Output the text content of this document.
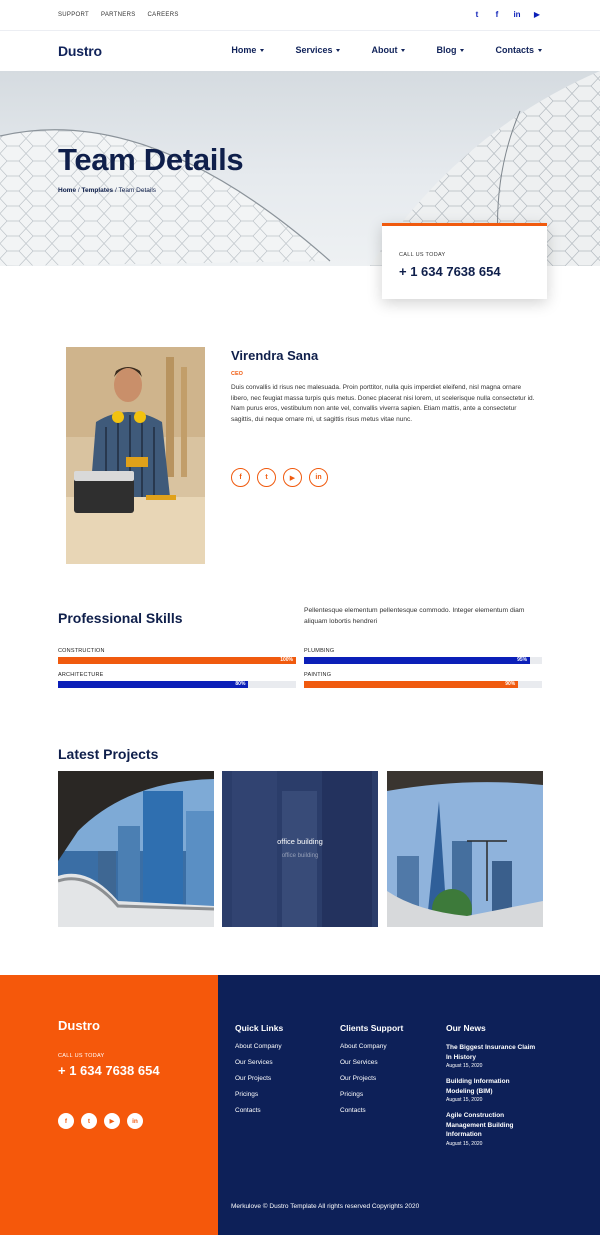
SUPPORT PARTNERS CAREERS	t	f	in ▶
Dustro	Home	Services	About	Blog	Contacts
Team Details
Home / Templates / Team Details
CALL US TODAY
+ 1 634 7638 654
Virendra Sana
CEO
Duis convallis id risus nec malesuada. Proin porttitor, nulla quis imperdiet eleifend, nisl magna ornare libero, nec feugiat massa turpis quis metus. Donec placerat nisi lorem, ut scelerisque nulla consectetur id. Nam purus eros, vestibulum non ante vel, convallis viverra sapien. Etiam mattis, ante a consectetur sagittis, dui neque ornare mi, ut sagittis risus metus vitae nunc.
f	t	▶	in
Professional Skills	Pellentesque elementum pellentesque commodo. Integer elementum diam aliquam lobortis hendreri
CONSTRUCTION
100%
PLUMBING
95%
ARCHITECTURE
80%
PAINTING
90%
Latest Projects
office building
office building
Dustro
CALL US TODAY
+ 1 634 7638 654
f	t	▶	in
Quick Links
About Company
Our Services
Our Projects
Pricings
Contacts
Clients Support
About Company
Our Services
Our Projects
Pricings
Contacts
Our News
The Biggest Insurance Claim In History
August 15, 2020
Building Information Modeling (BIM)
August 15, 2020
Agile Construction Management Building Information
August 15, 2020
Merkulove © Dustro Template All rights reserved Copyrights 2020
